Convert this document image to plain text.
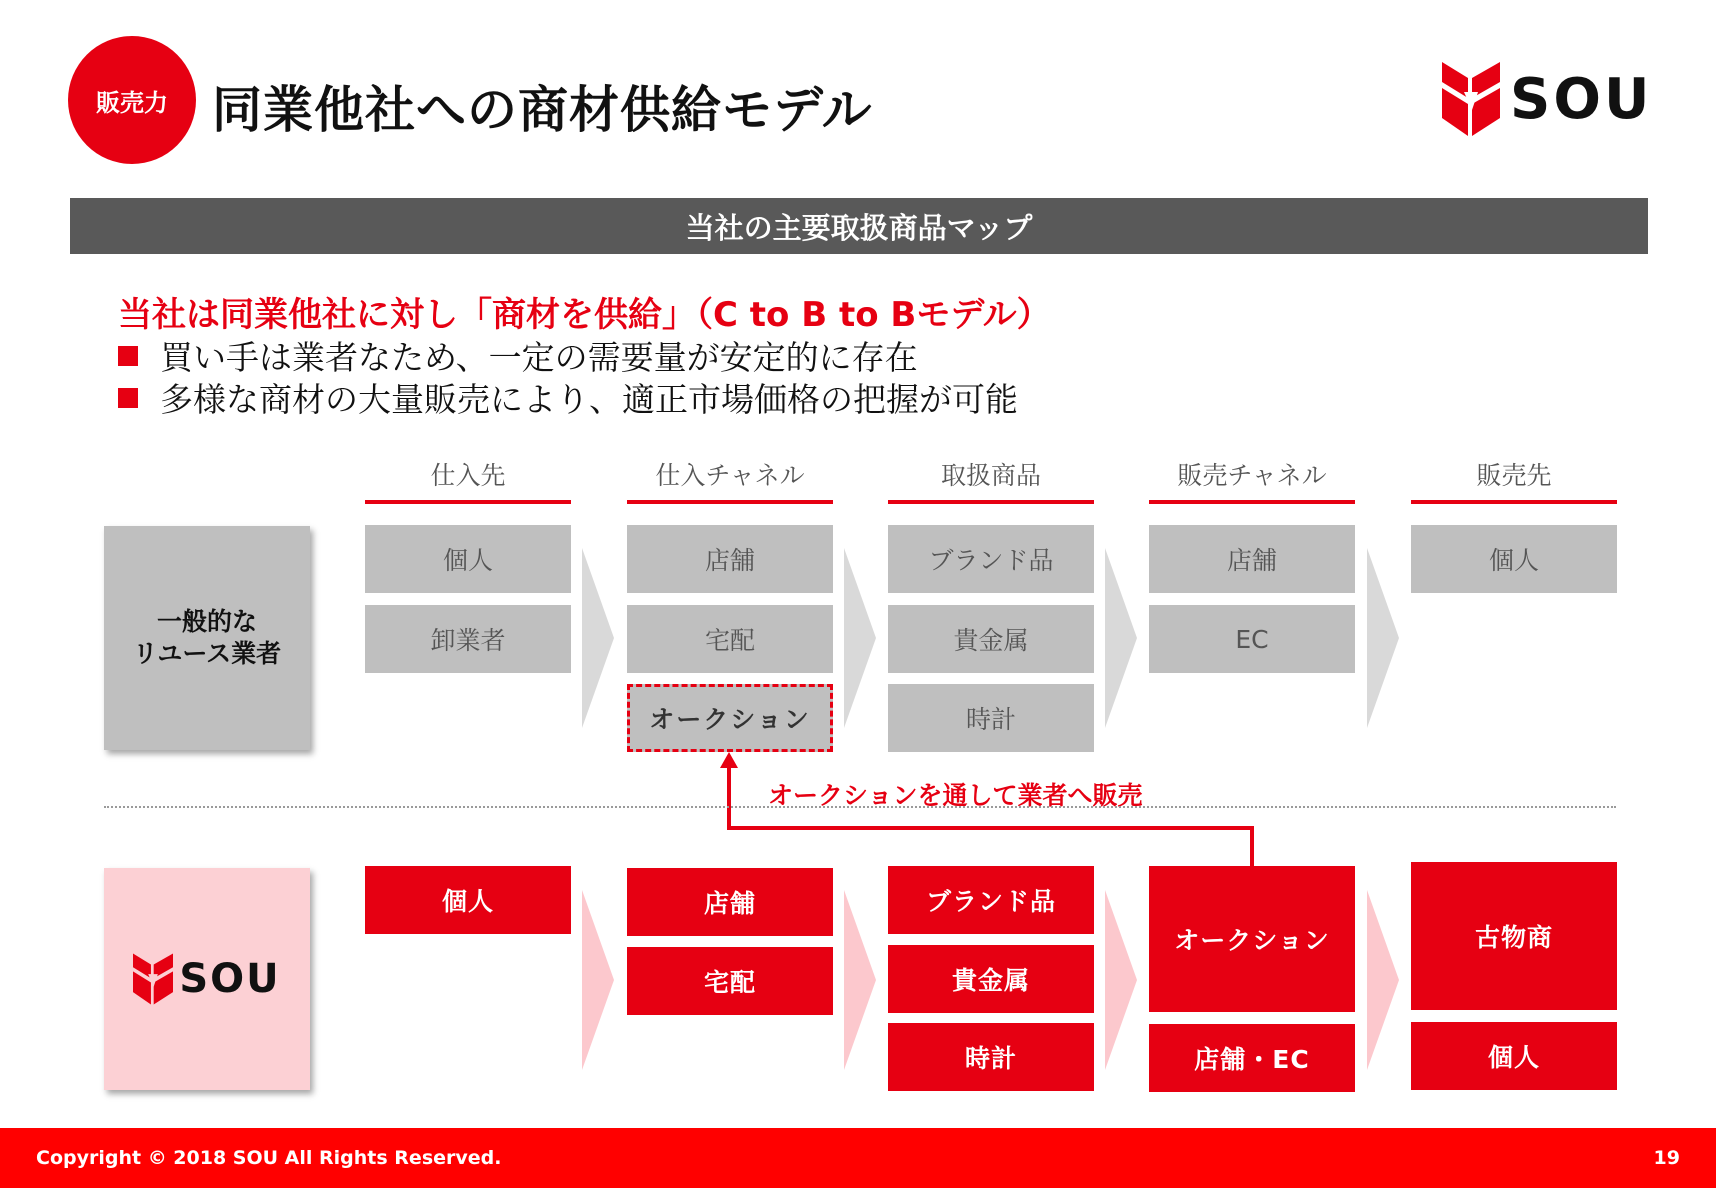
販売力 同業他社への商材供給モデル	SOU
当社の主要取扱商品マップ
当社は同業他社に対し「商材を供給」（C to B to Bモデル）
買い手は業者なため、一定の需要量が安定的に存在
多様な商材の大量販売により、適正市場価格の把握が可能
仕入先	仕入チャネル	取扱商品	販売チャネル	販売先
一般的な
リユース業者
個人
卸業者
店舗
宅配
オークション
ブランド品
貴金属
時計
店舗
EC
個人
オークションを通して業者へ販売
SOU
個人	店舗
宅配
ブランド品
貴金属
時計
オークション
店舗・EC
古物商
個人
Copyright © 2018 SOU All Rights Reserved.	19
